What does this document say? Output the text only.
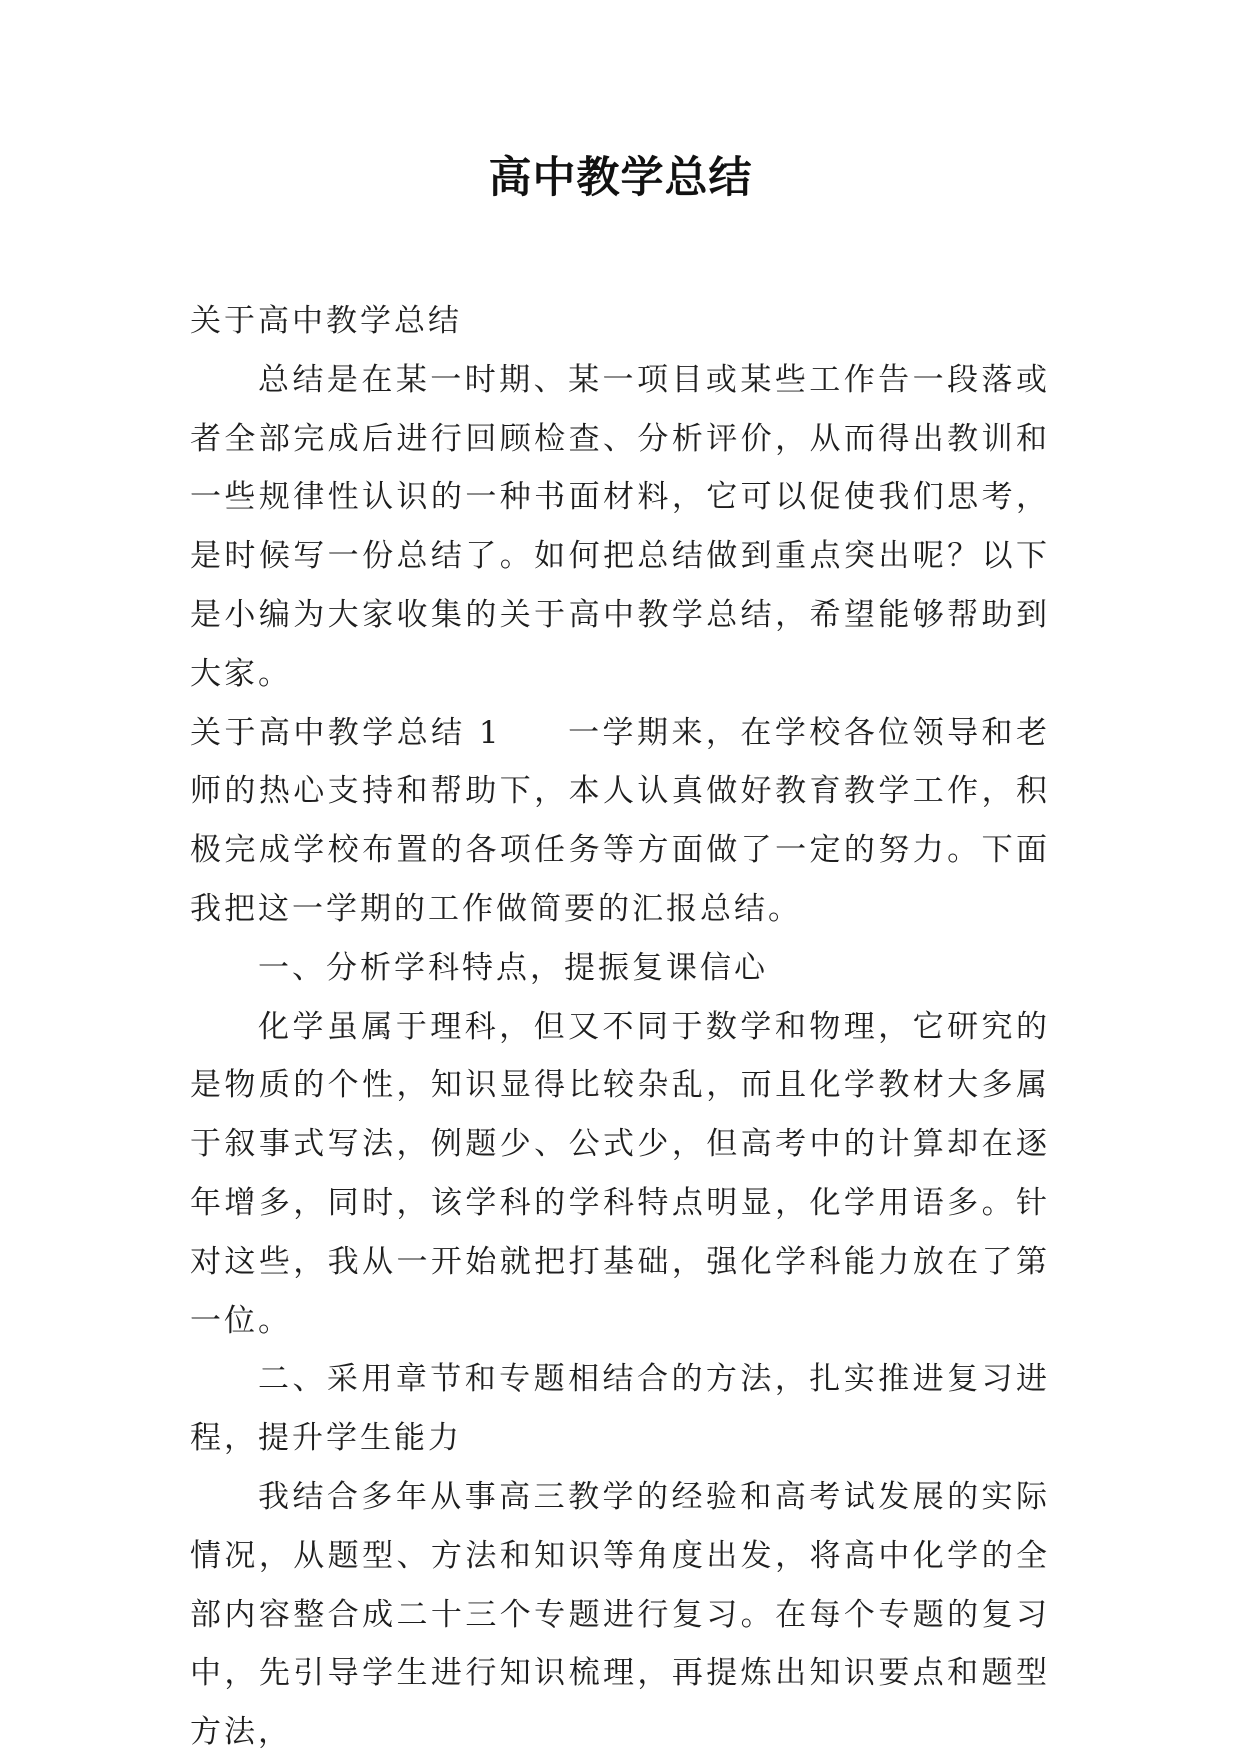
高中教学总结

关于高中教学总结

总结是在某一时期、某一项目或某些工作告一段落或者全部完成后进行回顾检查、分析评价，从而得出教训和一些规律性认识的一种书面材料，它可以促使我们思考，是时候写一份总结了。如何把总结做到重点突出呢？以下是小编为大家收集的关于高中教学总结，希望能够帮助到大家。

关于高中教学总结 1 一学期来，在学校各位领导和老师的热心支持和帮助下，本人认真做好教育教学工作，积极完成学校布置的各项任务等方面做了一定的努力。下面我把这一学期的工作做简要的汇报总结。

一、分析学科特点，提振复课信心

化学虽属于理科，但又不同于数学和物理，它研究的是物质的个性，知识显得比较杂乱，而且化学教材大多属于叙事式写法，例题少、公式少，但高考中的计算却在逐年增多，同时，该学科的学科特点明显，化学用语多。针对这些，我从一开始就把打基础，强化学科能力放在了第一位。

二、采用章节和专题相结合的方法，扎实推进复习进程，提升学生能力

我结合多年从事高三教学的经验和高考试发展的实际情况，从题型、方法和知识等角度出发，将高中化学的全部内容整合成二十三个专题进行复习。在每个专题的复习中，先引导学生进行知识梳理，再提炼出知识要点和题型方法，
